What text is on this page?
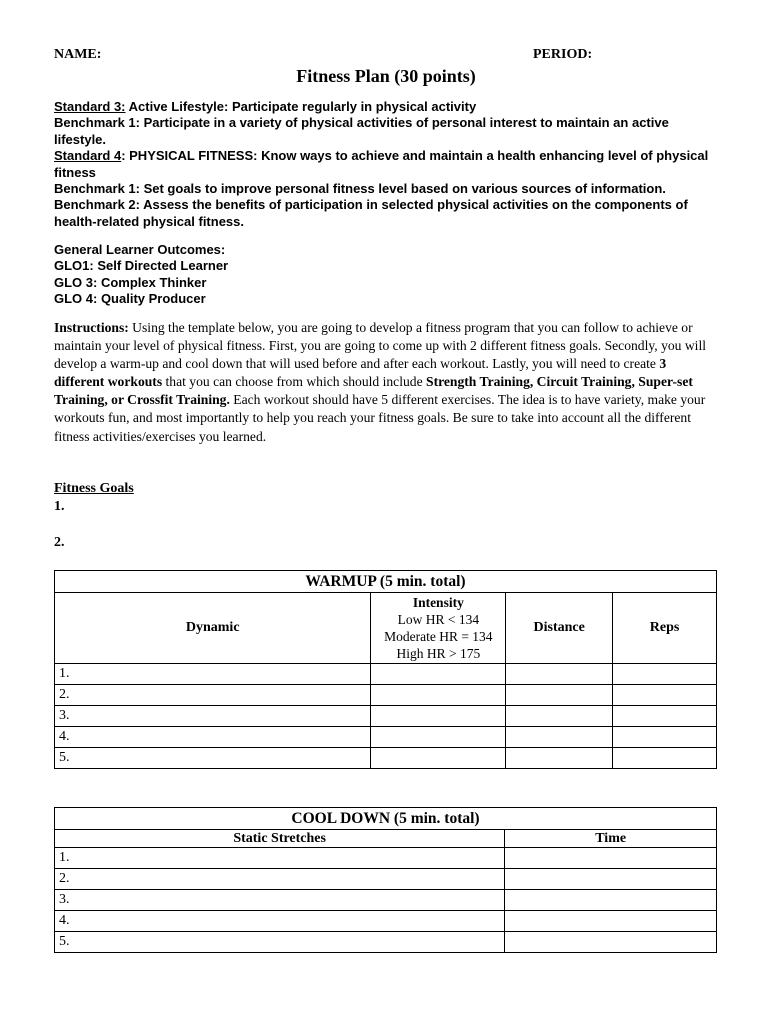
NAME:	PERIOD:
Fitness Plan (30 points)

Standard 3: Active Lifestyle: Participate regularly in physical activity

Benchmark 1: Participate in a variety of physical activities of personal interest to maintain an active lifestyle.

Standard 4: PHYSICAL FITNESS: Know ways to achieve and maintain a health enhancing level of physical fitness

Benchmark 1: Set goals to improve personal fitness level based on various sources of information.

Benchmark 2: Assess the benefits of participation in selected physical activities on the components of health-related physical fitness.

General Learner Outcomes:

GLO1: Self Directed Learner

GLO 3: Complex Thinker

GLO 4: Quality Producer

Instructions: Using the template below, you are going to develop a fitness program that you can follow to achieve or maintain your level of physical fitness. First, you are going to come up with 2 different fitness goals. Secondly, you will develop a warm-up and cool down that will used before and after each workout. Lastly, you will need to create 3 different workouts that you can choose from which should include Strength Training, Circuit Training, Super-set Training, or Crossfit Training. Each workout should have 5 different exercises. The idea is to have variety, make your workouts fun, and most importantly to help you reach your fitness goals. Be sure to take into account all the different fitness activities/exercises you learned.

Fitness Goals
1.
2.
WARMUP (5 min. total)			
Dynamic	Intensity
Low HR < 134
Moderate HR = 134
High HR > 175	Distance	Reps
1.			
2.			
3.			
4.			
5.			
COOL DOWN (5 min. total)	
Static Stretches	Time
1.	
2.	
3.	
4.	
5.	
